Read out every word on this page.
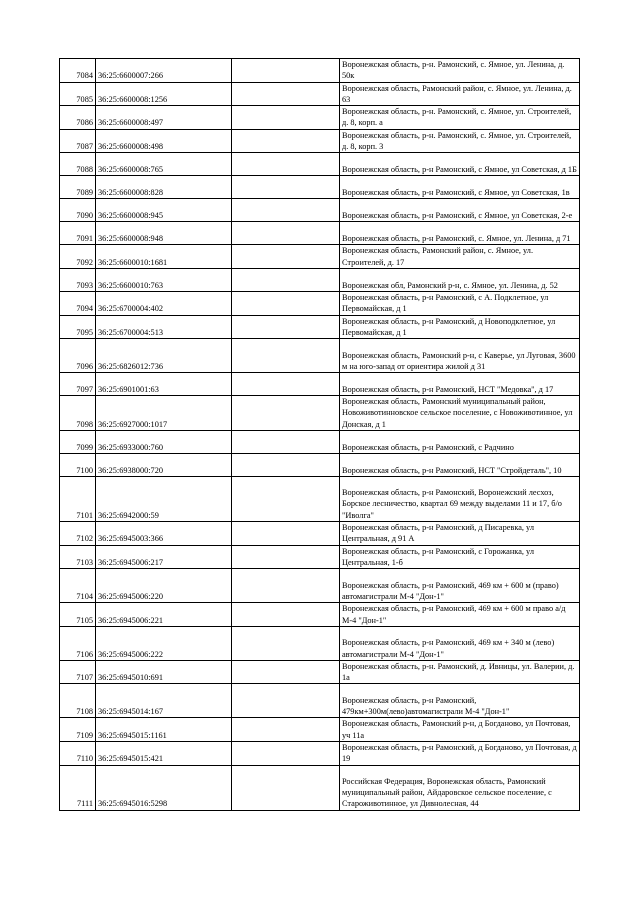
7084	36:25:6600007:266		Воронежская область, р-н. Рамонский, с. Ямное, ул. Ленина, д. 50к
7085	36:25:6600008:1256		Воронежская область, Рамонский район, с. Ямное, ул. Ленина, д. 63
7086	36:25:6600008:497		Воронежская область, р-н. Рамонский, с. Ямное, ул. Строителей, д. 8, корп. а
7087	36:25:6600008:498		Воронежская область, р-н. Рамонский, с. Ямное, ул. Строителей, д. 8, корп. 3
7088	36:25:6600008:765		Воронежская область, р-н Рамонский, с Ямное, ул Советская, д 1Б
7089	36:25:6600008:828		Воронежская область, р-н Рамонский, с Ямное, ул Советская, 1в
7090	36:25:6600008:945		Воронежская область, р-н Рамонский, с Ямное, ул Советская, 2-е
7091	36:25:6600008:948		Воронежская область, р-н Рамонский, с. Ямное, ул. Ленина, д 71
7092	36:25:6600010:1681		Воронежская область, Рамонский район, с. Ямное, ул. Строителей, д. 17
7093	36:25:6600010:763		Воронежская обл, Рамонский р-н, с. Ямное, ул. Ленина, д. 52
7094	36:25:6700004:402		Воронежская область, р-н Рамонский, с А. Подклетное, ул Первомайская, д 1
7095	36:25:6700004:513		Воронежская область, р-н Рамонский, д Новоподклетное, ул Первомайская, д 1
7096	36:25:6826012:736		Воронежская область, Рамонский р-н, с Каверье, ул Луговая, 3600 м на юго-запад от ориентира жилой д 31
7097	36:25:6901001:63		Воронежская область, р-н Рамонский, НСТ "Медовка", д 17
7098	36:25:6927000:1017		Воронежская область, Рамонский муниципальный район, Новоживотинновское сельское поселение, с Новоживотинное, ул Донская, д 1
7099	36:25:6933000:760		Воронежская область, р-н Рамонский, с Радчино
7100	36:25:6938000:720		Воронежская область, р-н Рамонский, НСТ "Стройдеталь", 10
7101	36:25:6942000:59		Воронежская область, р-н Рамонский, Воронежский лесхоз, Борское лесничество, квартал 69 между выделами 11 и 17, б/о "Иволга"
7102	36:25:6945003:366		Воронежская область, р-н Рамонский, д Писаревка, ул Центральная, д 91 А
7103	36:25:6945006:217		Воронежская область, р-н Рамонский, с Горожанка, ул Центральная, 1-б
7104	36:25:6945006:220		Воронежская область, р-н Рамонский, 469 км + 600 м (право) автомагистрали М-4 "Дон-1"
7105	36:25:6945006:221		Воронежская область, р-н Рамонский, 469 км + 600 м право а/д М-4 "Дон-1"
7106	36:25:6945006:222		Воронежская область, р-н Рамонский, 469 км + 340 м (лево) автомагистрали М-4 "Дон-1"
7107	36:25:6945010:691		Воронежская область, р-н. Рамонский, д. Ивницы, ул. Валерии, д. 1а
7108	36:25:6945014:167		Воронежская область, р-н Рамонский, 479км+300м(лево)автомагистрали М-4 "Дон-1"
7109	36:25:6945015:1161		Воронежская область, Рамонский р-н, д Богданово, ул Почтовая, уч 11а
7110	36:25:6945015:421		Воронежская область, р-н Рамонский, д Богданово, ул Почтовая, д 19
7111	36:25:6945016:5298		Российская Федерация, Воронежская область, Рамонский муниципальный район, Айдаровское сельское поселение, с Староживотинное, ул Дивнолесная, 44
